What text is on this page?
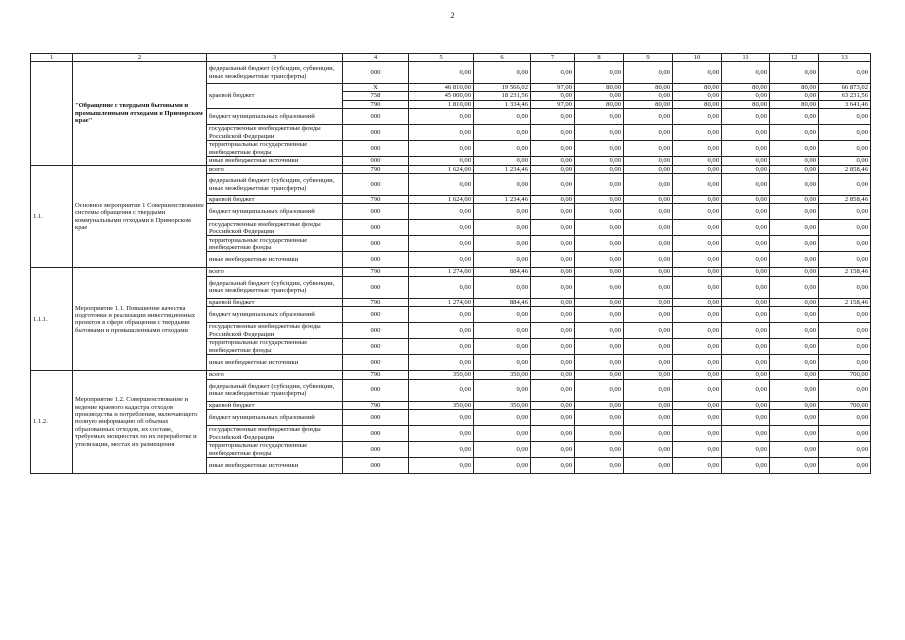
2
1	2	3	4	5	6	7	8	9	10	11	12	13
	"Обращение с твердыми бытовыми и промышленными отходами в Приморском крае"	федеральный бюджет (субсидии, субвенции, иные межбюджетные трансферты)	000	0,00	0,00	0,00	0,00	0,00	0,00	0,00	0,00	0,00
		краевой бюджет	Х	46 810,00	19 566,02	97,00	80,00	80,00	80,00	80,00	80,00	66 873,02
			758	45 000,00	18 231,56	0,00	0,00	0,00	0,00	0,00	0,00	63 231,56
			790	1 810,00	1 334,46	97,00	80,00	80,00	80,00	80,00	80,00	3 641,46
		бюджет муниципальных образований	000	0,00	0,00	0,00	0,00	0,00	0,00	0,00	0,00	0,00
		государственные внебюджетные фонды Российской Федерации	000	0,00	0,00	0,00	0,00	0,00	0,00	0,00	0,00	0,00
		территориальные государственные внебюджетные фонды	000	0,00	0,00	0,00	0,00	0,00	0,00	0,00	0,00	0,00
		иные внебюджетные источники	000	0,00	0,00	0,00	0,00	0,00	0,00	0,00	0,00	0,00
1.1.	Основное мероприятие 1 Совершенствование системы обращения с твердыми коммунальными отходами в Приморском крае	всего	790	1 624,00	1 234,46	0,00	0,00	0,00	0,00	0,00	0,00	2 858,46
		федеральный бюджет (субсидии, субвенции, иные межбюджетные трансферты)	000	0,00	0,00	0,00	0,00	0,00	0,00	0,00	0,00	0,00
		краевой бюджет	790	1 624,00	1 234,46	0,00	0,00	0,00	0,00	0,00	0,00	2 858,46
		бюджет муниципальных образований	000	0,00	0,00	0,00	0,00	0,00	0,00	0,00	0,00	0,00
		государственные внебюджетные фонды Российской Федерации	000	0,00	0,00	0,00	0,00	0,00	0,00	0,00	0,00	0,00
		территориальные государственные внебюджетные фонды	000	0,00	0,00	0,00	0,00	0,00	0,00	0,00	0,00	0,00
		иные внебюджетные источники	000	0,00	0,00	0,00	0,00	0,00	0,00	0,00	0,00	0,00
1.1.1.	Мероприятие 1.1. Повышение качества подготовки и реализации инвестиционных проектов в сфере обращения с твердыми бытовыми и промышленными отходами	всего	790	1 274,00	884,46	0,00	0,00	0,00	0,00	0,00	0,00	2 158,46
		федеральный бюджет (субсидии, субвенции, иные межбюджетные трансферты)	000	0,00	0,00	0,00	0,00	0,00	0,00	0,00	0,00	0,00
		краевой бюджет	790	1 274,00	884,46	0,00	0,00	0,00	0,00	0,00	0,00	2 158,46
		бюджет муниципальных образований	000	0,00	0,00	0,00	0,00	0,00	0,00	0,00	0,00	0,00
		государственные внебюджетные фонды Российской Федерации	000	0,00	0,00	0,00	0,00	0,00	0,00	0,00	0,00	0,00
		территориальные государственные внебюджетные фонды	000	0,00	0,00	0,00	0,00	0,00	0,00	0,00	0,00	0,00
		иные внебюджетные источники	000	0,00	0,00	0,00	0,00	0,00	0,00	0,00	0,00	0,00
1.1.2.	Мероприятие 1.2. Совершенствование и ведение краевого кадастра отходов производства и потребления, включающего полную информацию об объемах образованных отходов, их составе, требуемых мощностях по их переработке и утилизации, местах их размещения	всего	790	350,00	350,00	0,00	0,00	0,00	0,00	0,00	0,00	700,00
		федеральный бюджет (субсидии, субвенции, иные межбюджетные трансферты)	000	0,00	0,00	0,00	0,00	0,00	0,00	0,00	0,00	0,00
		краевой бюджет	790	350,00	350,00	0,00	0,00	0,00	0,00	0,00	0,00	700,00
		бюджет муниципальных образований	000	0,00	0,00	0,00	0,00	0,00	0,00	0,00	0,00	0,00
		государственные внебюджетные фонды Российской Федерации	000	0,00	0,00	0,00	0,00	0,00	0,00	0,00	0,00	0,00
		территориальные государственные внебюджетные фонды	000	0,00	0,00	0,00	0,00	0,00	0,00	0,00	0,00	0,00
		иные внебюджетные источники	000	0,00	0,00	0,00	0,00	0,00	0,00	0,00	0,00	0,00
